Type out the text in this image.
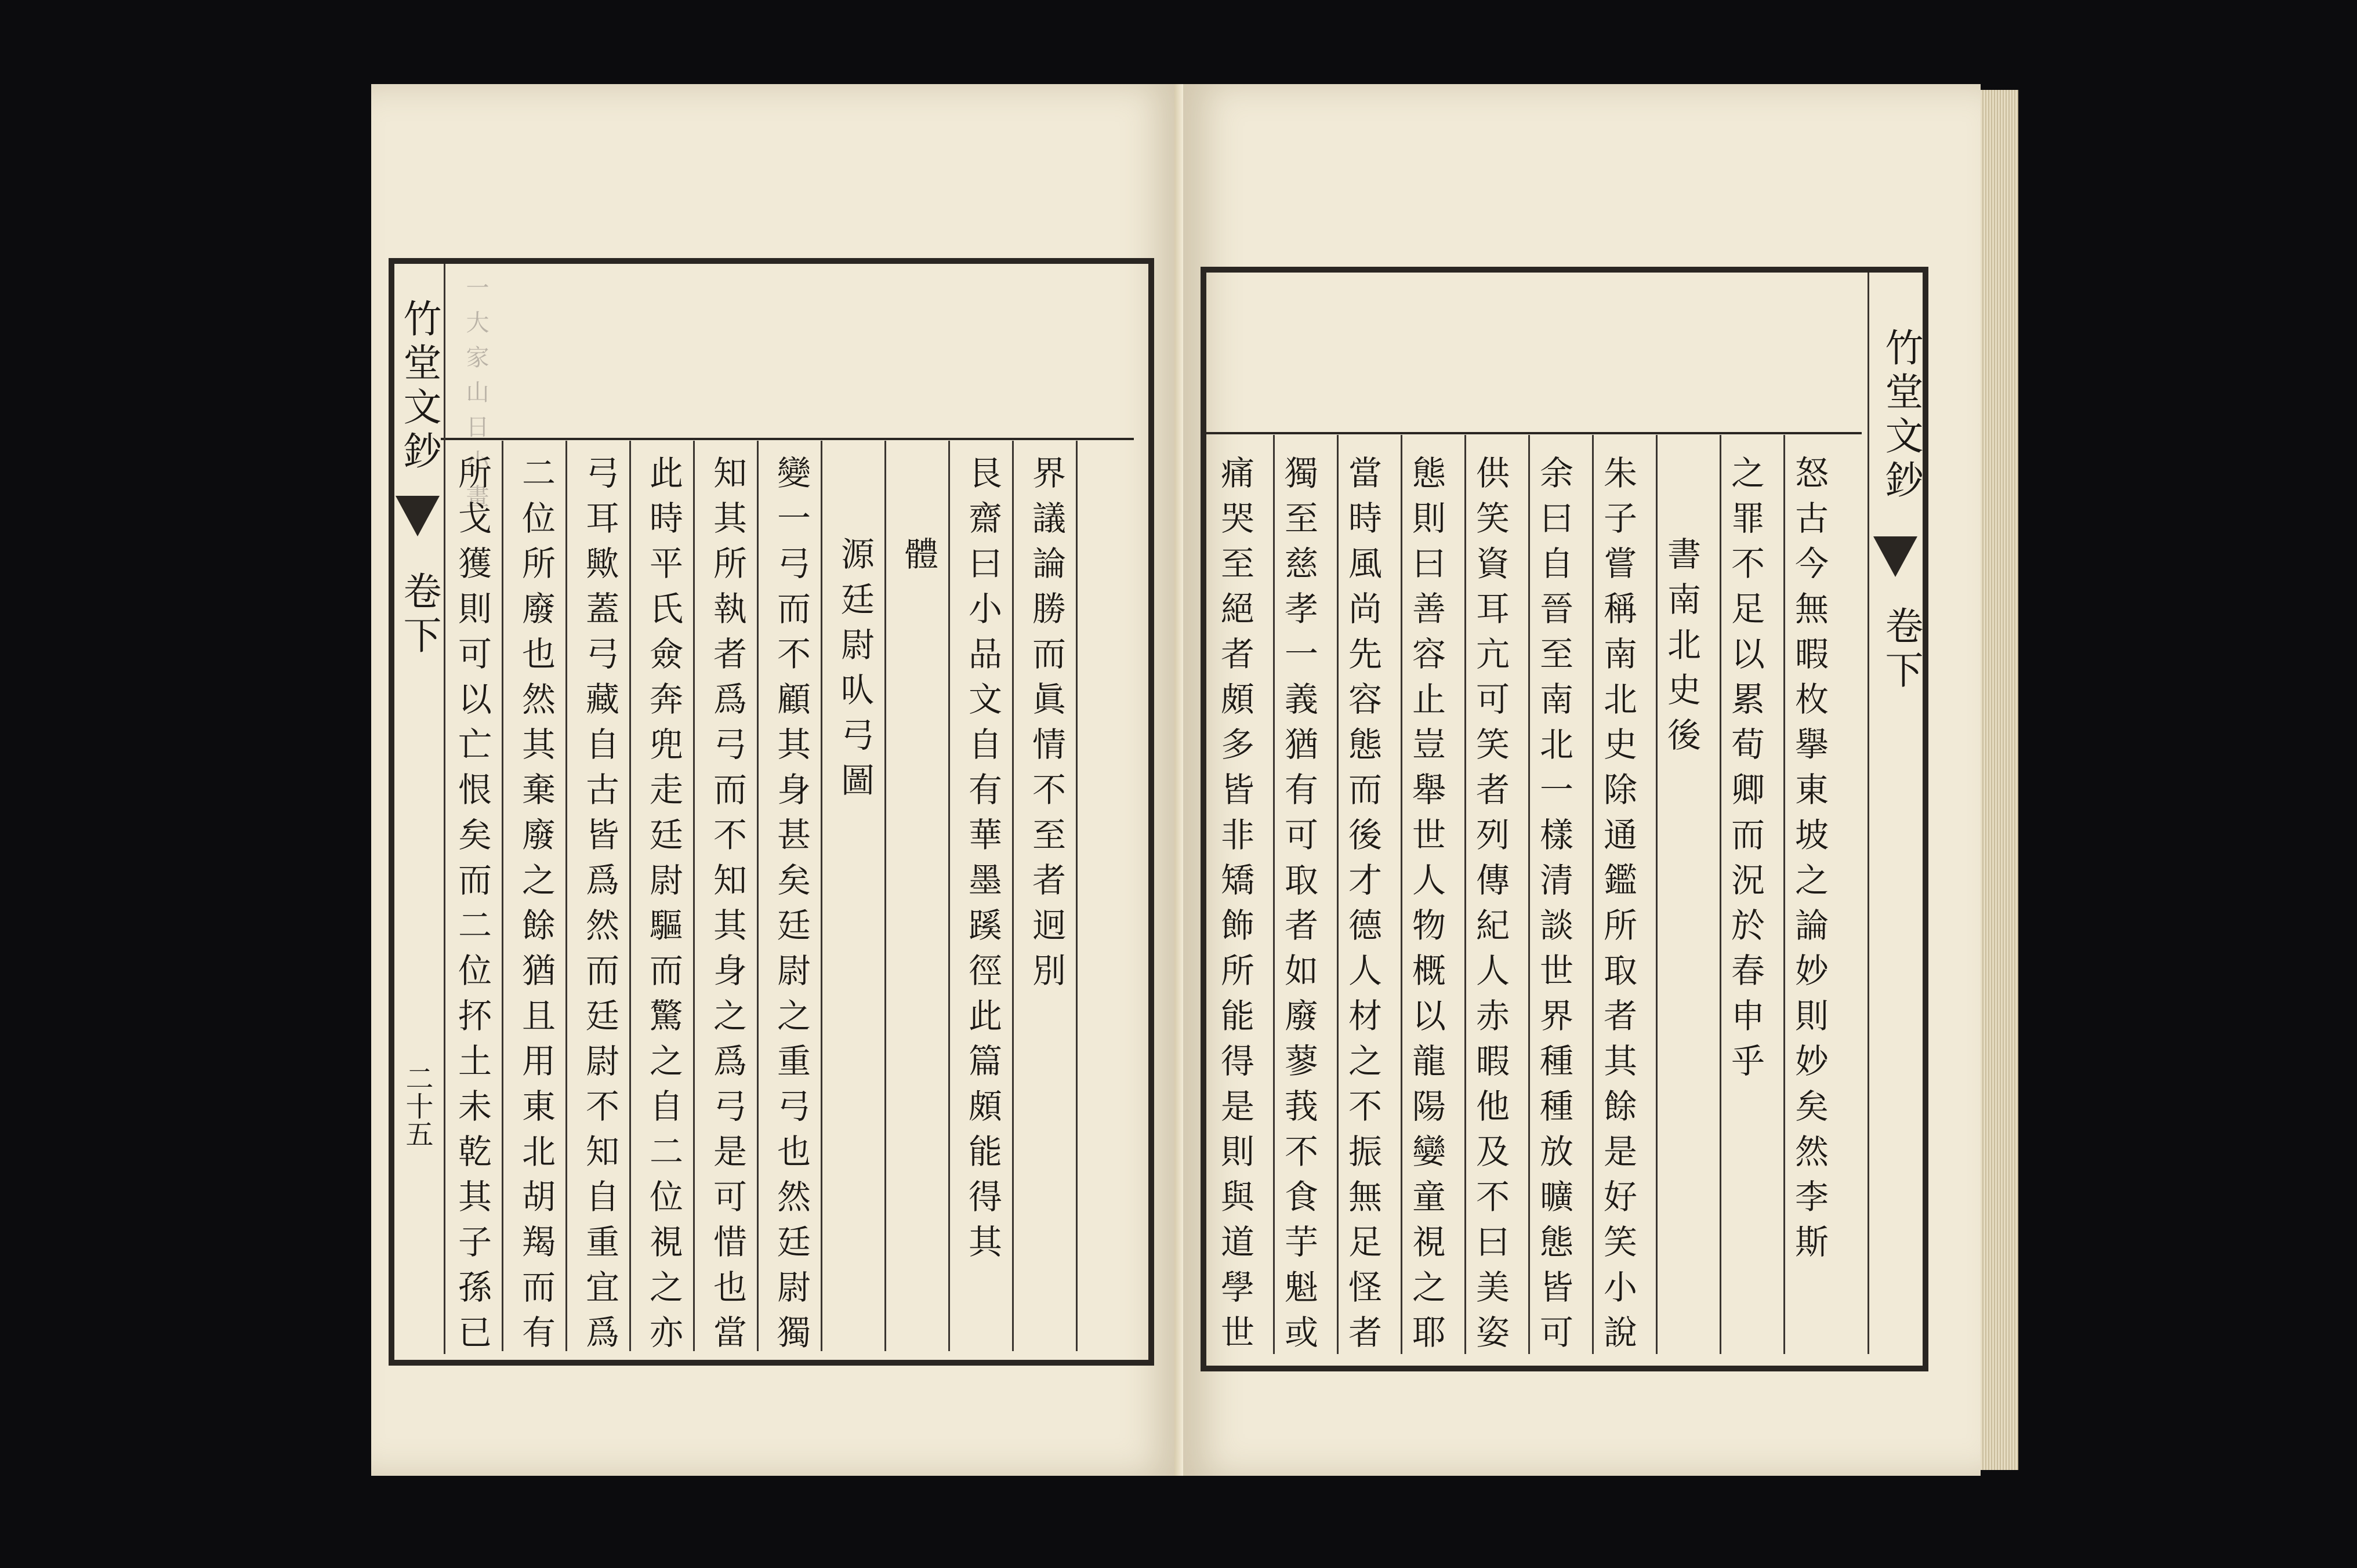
竹堂文鈔
卷下
二十五
一大家山日小畫
所戈獲則可以亡恨矣而二位抔土未乾其子孫已 二位所廢也然其棄廢之餘猶且用東北胡羯而有 弓耳歟蓋弓藏自古皆爲然而廷尉不知自重宜爲 此時平氏僉奔兜走廷尉驅而驚之自二位視之亦 知其所執者爲弓而不知其身之爲弓是可惜也當 變一弓而不顧其身甚矣廷尉之重弓也然廷尉獨 源廷尉㕥弓圖 體 艮齋曰小品文自有華墨蹊徑此篇頗能得其 界議論勝而眞情不至者迥別
竹堂文鈔
卷下
痛哭至絕者頗多皆非矯飾所能得是則與道學世 獨至慈孝一義猶有可取者如廢蓼莪不食芋魁或 當時風尚先容態而後才德人材之不振無足怪者 態則曰善容止豈舉世人物概以龍陽孌童視之耶 供笑資耳亢可笑者列傳紀人赤暇他及不曰美姿 余曰自晉至南北一樣清談世界種種放曠態皆可 朱子嘗稱南北史除通鑑所取者其餘是好笑小說 書南北史後 之罪不足以累荀卿而況於春申乎 怒古今無暇枚擧東坡之論妙則妙矣然李斯
